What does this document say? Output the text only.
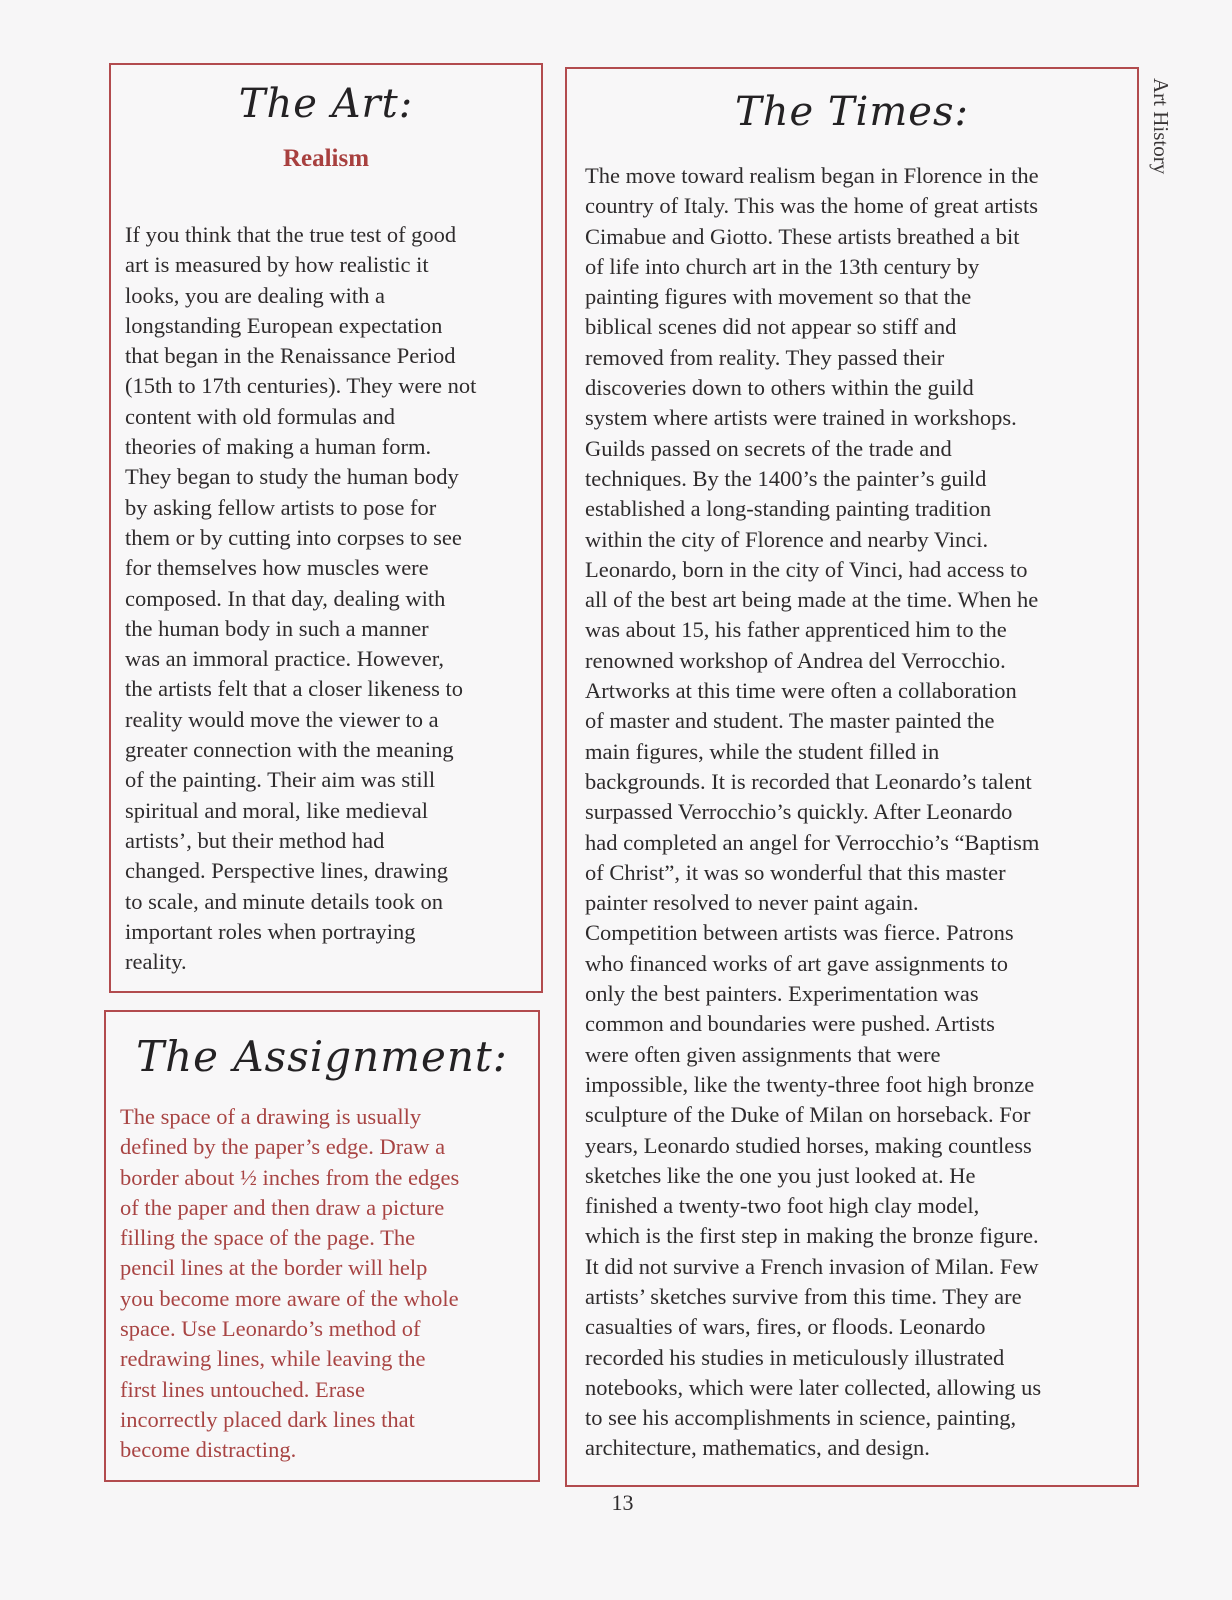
The Art:
Realism
If you think that the true test of good
art is measured by how realistic it
looks, you are dealing with a
longstanding European expectation
that began in the Renaissance Period
(15th to 17th centuries). They were not
content with old formulas and
theories of making a human form.
They began to study the human body
by asking fellow artists to pose for
them or by cutting into corpses to see
for themselves how muscles were
composed. In that day, dealing with
the human body in such a manner
was an immoral practice. However,
the artists felt that a closer likeness to
reality would move the viewer to a
greater connection with the meaning
of the painting. Their aim was still
spiritual and moral, like medieval
artists’, but their method had
changed. Perspective lines, drawing
to scale, and minute details took on
important roles when portraying
reality.
The Assignment:
The space of a drawing is usually
defined by the paper’s edge. Draw a
border about ½ inches from the edges
of the paper and then draw a picture
filling the space of the page. The
pencil lines at the border will help
you become more aware of the whole
space. Use Leonardo’s method of
redrawing lines, while leaving the
first lines untouched. Erase
incorrectly placed dark lines that
become distracting.
The Times:
The move toward realism began in Florence in the
country of Italy. This was the home of great artists
Cimabue and Giotto. These artists breathed a bit
of life into church art in the 13th century by
painting figures with movement so that the
biblical scenes did not appear so stiff and
removed from reality. They passed their
discoveries down to others within the guild
system where artists were trained in workshops.
Guilds passed on secrets of the trade and
techniques. By the 1400’s the painter’s guild
established a long-standing painting tradition
within the city of Florence and nearby Vinci.
Leonardo, born in the city of Vinci, had access to
all of the best art being made at the time. When he
was about 15, his father apprenticed him to the
renowned workshop of Andrea del Verrocchio.
Artworks at this time were often a collaboration
of master and student. The master painted the
main figures, while the student filled in
backgrounds. It is recorded that Leonardo’s talent
surpassed Verrocchio’s quickly. After Leonardo
had completed an angel for Verrocchio’s “Baptism
of Christ”, it was so wonderful that this master
painter resolved to never paint again.
Competition between artists was fierce. Patrons
who financed works of art gave assignments to
only the best painters. Experimentation was
common and boundaries were pushed. Artists
were often given assignments that were
impossible, like the twenty-three foot high bronze
sculpture of the Duke of Milan on horseback. For
years, Leonardo studied horses, making countless
sketches like the one you just looked at. He
finished a twenty-two foot high clay model,
which is the first step in making the bronze figure.
It did not survive a French invasion of Milan. Few
artists’ sketches survive from this time. They are
casualties of wars, fires, or floods. Leonardo
recorded his studies in meticulously illustrated
notebooks, which were later collected, allowing us
to see his accomplishments in science, painting,
architecture, mathematics, and design.
Art History
13
